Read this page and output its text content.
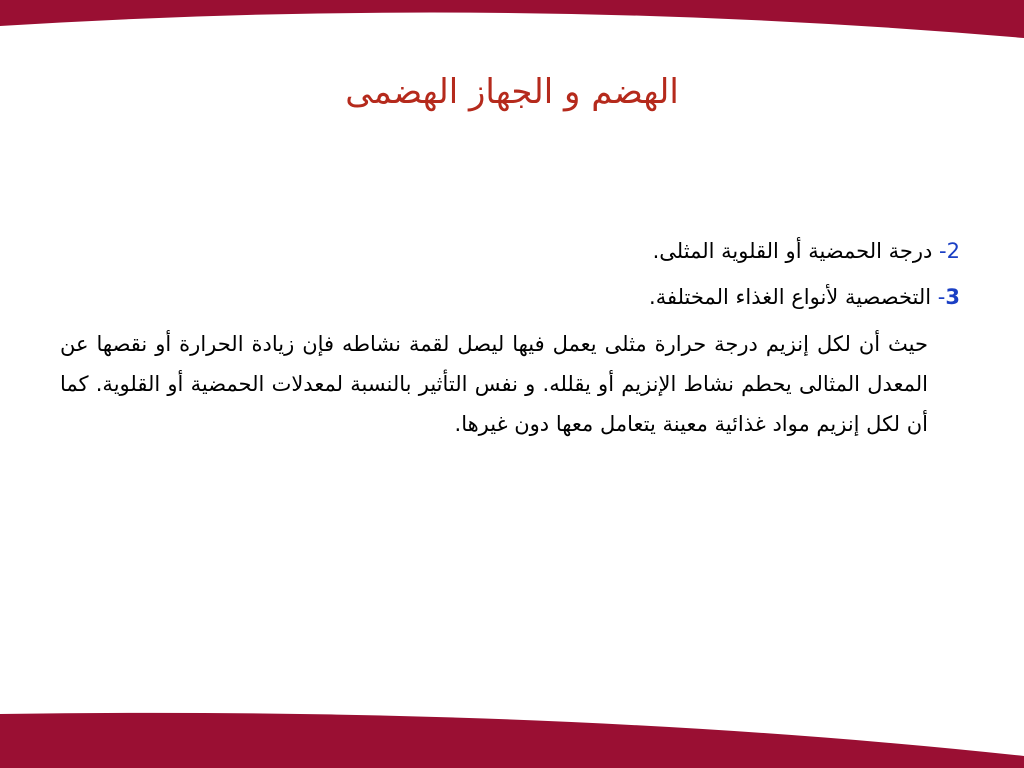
الهضم و الجهاز الهضمى
2- درجة الحمضية أو القلوية المثلى.
3- التخصصية لأنواع الغذاء المختلفة.
حيث أن لكل إنزيم درجة حرارة مثلى يعمل فيها ليصل لقمة نشاطه فإن زيادة الحرارة أو نقصها عن المعدل المثالى يحطم نشاط الإنزيم أو يقلله. و نفس التأثير بالنسبة لمعدلات الحمضية أو القلوية. كما أن لكل إنزيم مواد غذائية معينة يتعامل معها دون غيرها.
